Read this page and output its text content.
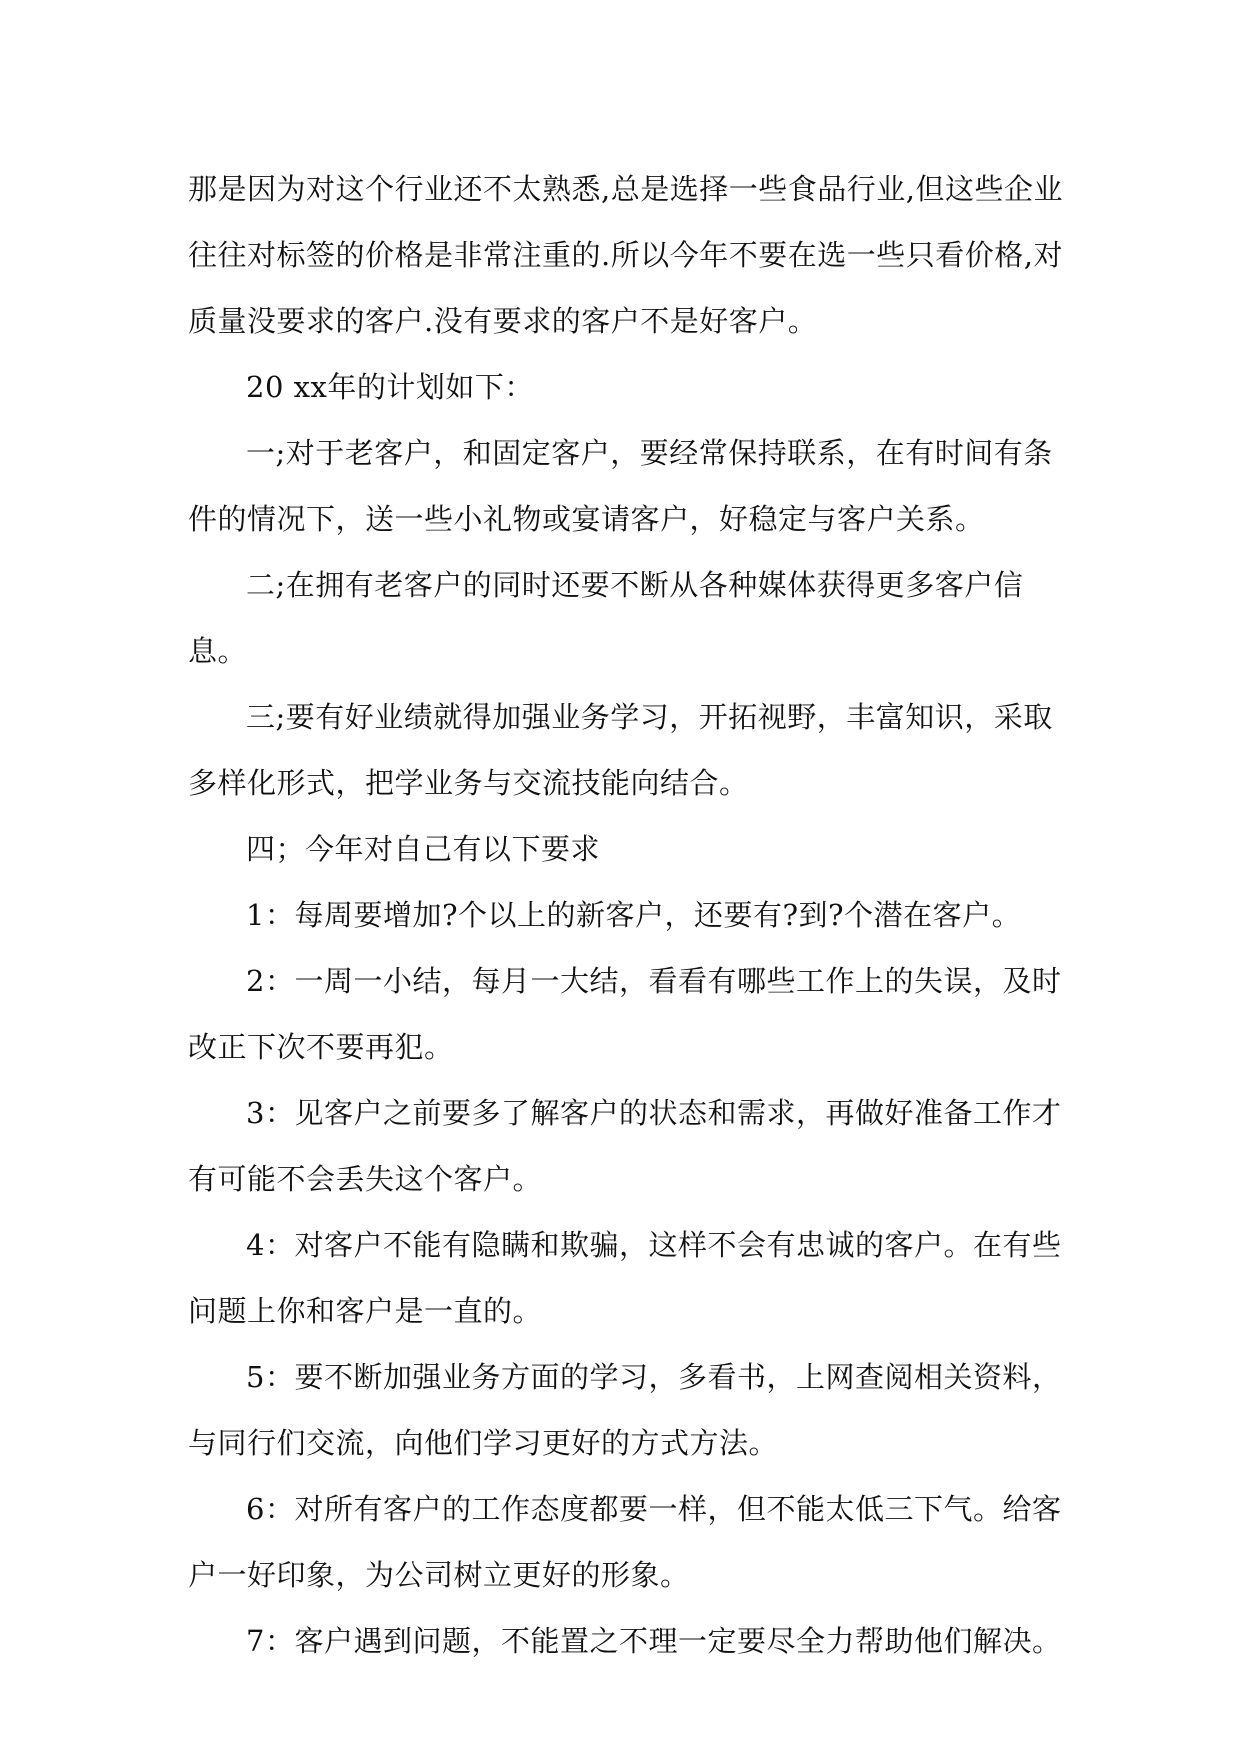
那是因为对这个行业还不太熟悉,总是选择一些食品行业,但这些企业往往对标签的价格是非常注重的.所以今年不要在选一些只看价格,对质量没要求的客户.没有要求的客户不是好客户。

20 xx年的计划如下：

一;对于老客户，和固定客户，要经常保持联系，在有时间有条件的情况下，送一些小礼物或宴请客户，好稳定与客户关系。

二;在拥有老客户的同时还要不断从各种媒体获得更多客户信息。

三;要有好业绩就得加强业务学习，开拓视野，丰富知识，采取多样化形式，把学业务与交流技能向结合。

四；今年对自己有以下要求

1：每周要增加?个以上的新客户，还要有?到?个潜在客户。

2：一周一小结，每月一大结，看看有哪些工作上的失误，及时改正下次不要再犯。

3：见客户之前要多了解客户的状态和需求，再做好准备工作才有可能不会丢失这个客户。

4：对客户不能有隐瞒和欺骗，这样不会有忠诚的客户。在有些问题上你和客户是一直的。

5：要不断加强业务方面的学习，多看书，上网查阅相关资料，与同行们交流，向他们学习更好的方式方法。

6：对所有客户的工作态度都要一样，但不能太低三下气。给客户一好印象，为公司树立更好的形象。

7：客户遇到问题，不能置之不理一定要尽全力帮助他们解决。
